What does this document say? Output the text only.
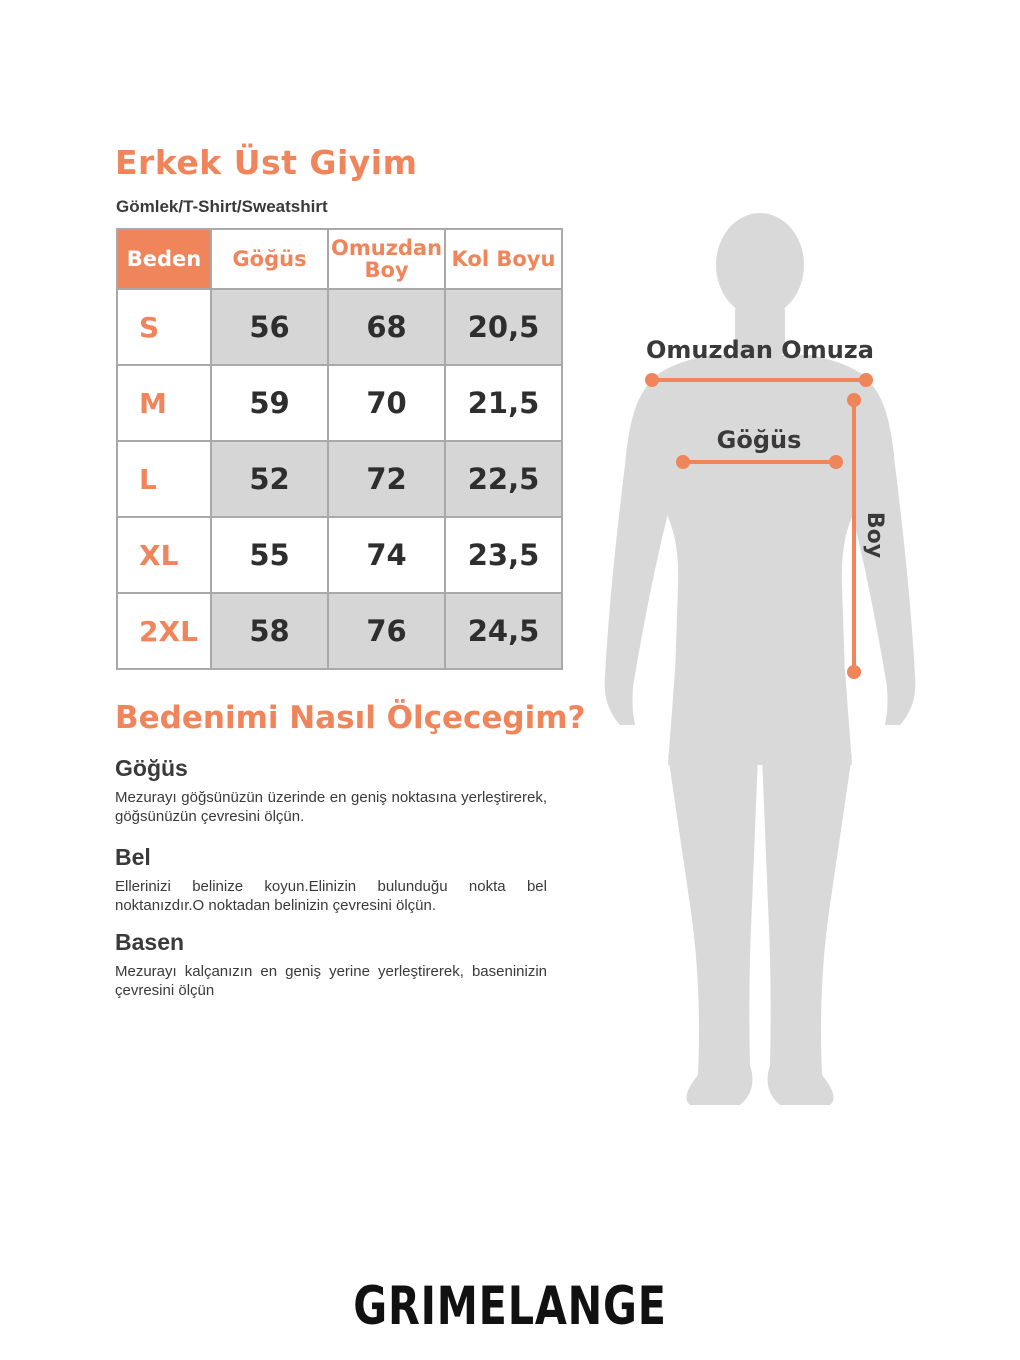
Erkek Üst Giyim
Gömlek/T-Shirt/Sweatshirt
Beden	Göğüs	Omuzdan Boy	Kol Boyu
S	56	68	20,5
M	59	70	21,5
L	52	72	22,5
XL	55	74	23,5
2XL	58	76	24,5
Bedenimi Nasıl Ölçecegim?
Göğüs

Mezurayı göğsünüzün üzerinde en geniş noktasına yerleştirerek, göğsünüzün çevresini ölçün.

Bel

Ellerinizi belinize koyun.Elinizin bulunduğu nokta bel noktanızdır.O noktadan belinizin çevresini ölçün.

Basen

Mezurayı kalçanızın en geniş yerine yerleştirerek, baseninizin çevresini ölçün

Omuzdan Omuza
Göğüs
Boy
GRIMELANGE
